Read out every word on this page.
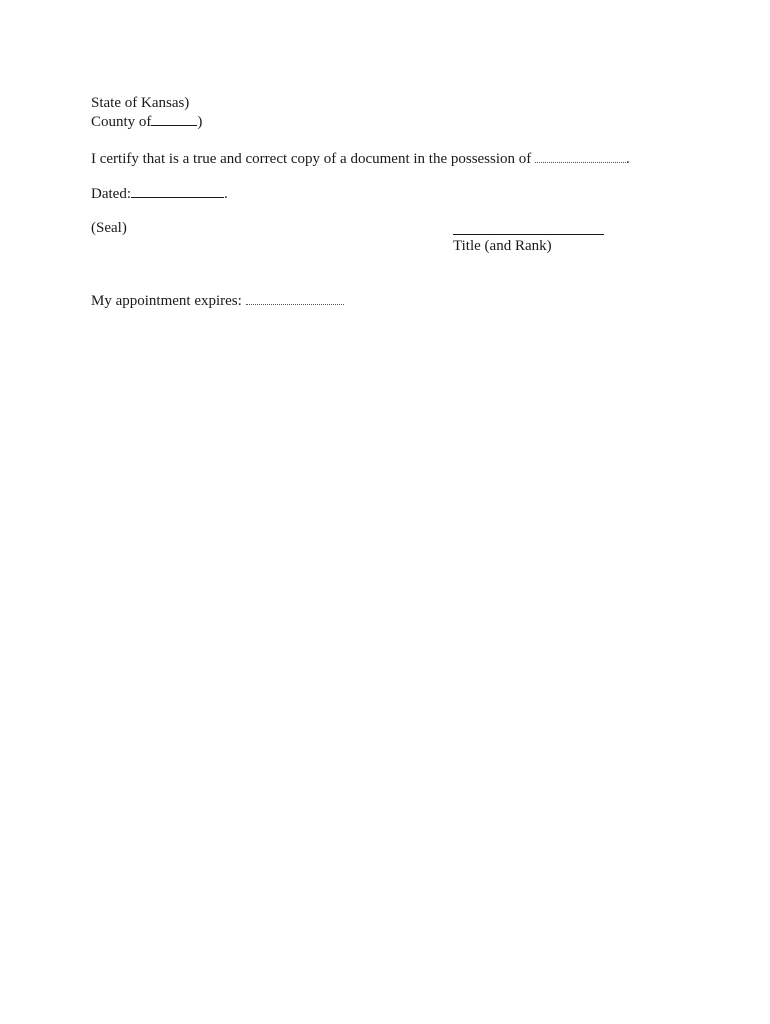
State of Kansas)
County of	)
I certify that is a true and correct copy of a document in the possession of	.
Dated:	.
(Seal)
Title (and Rank)
My appointment expires:
